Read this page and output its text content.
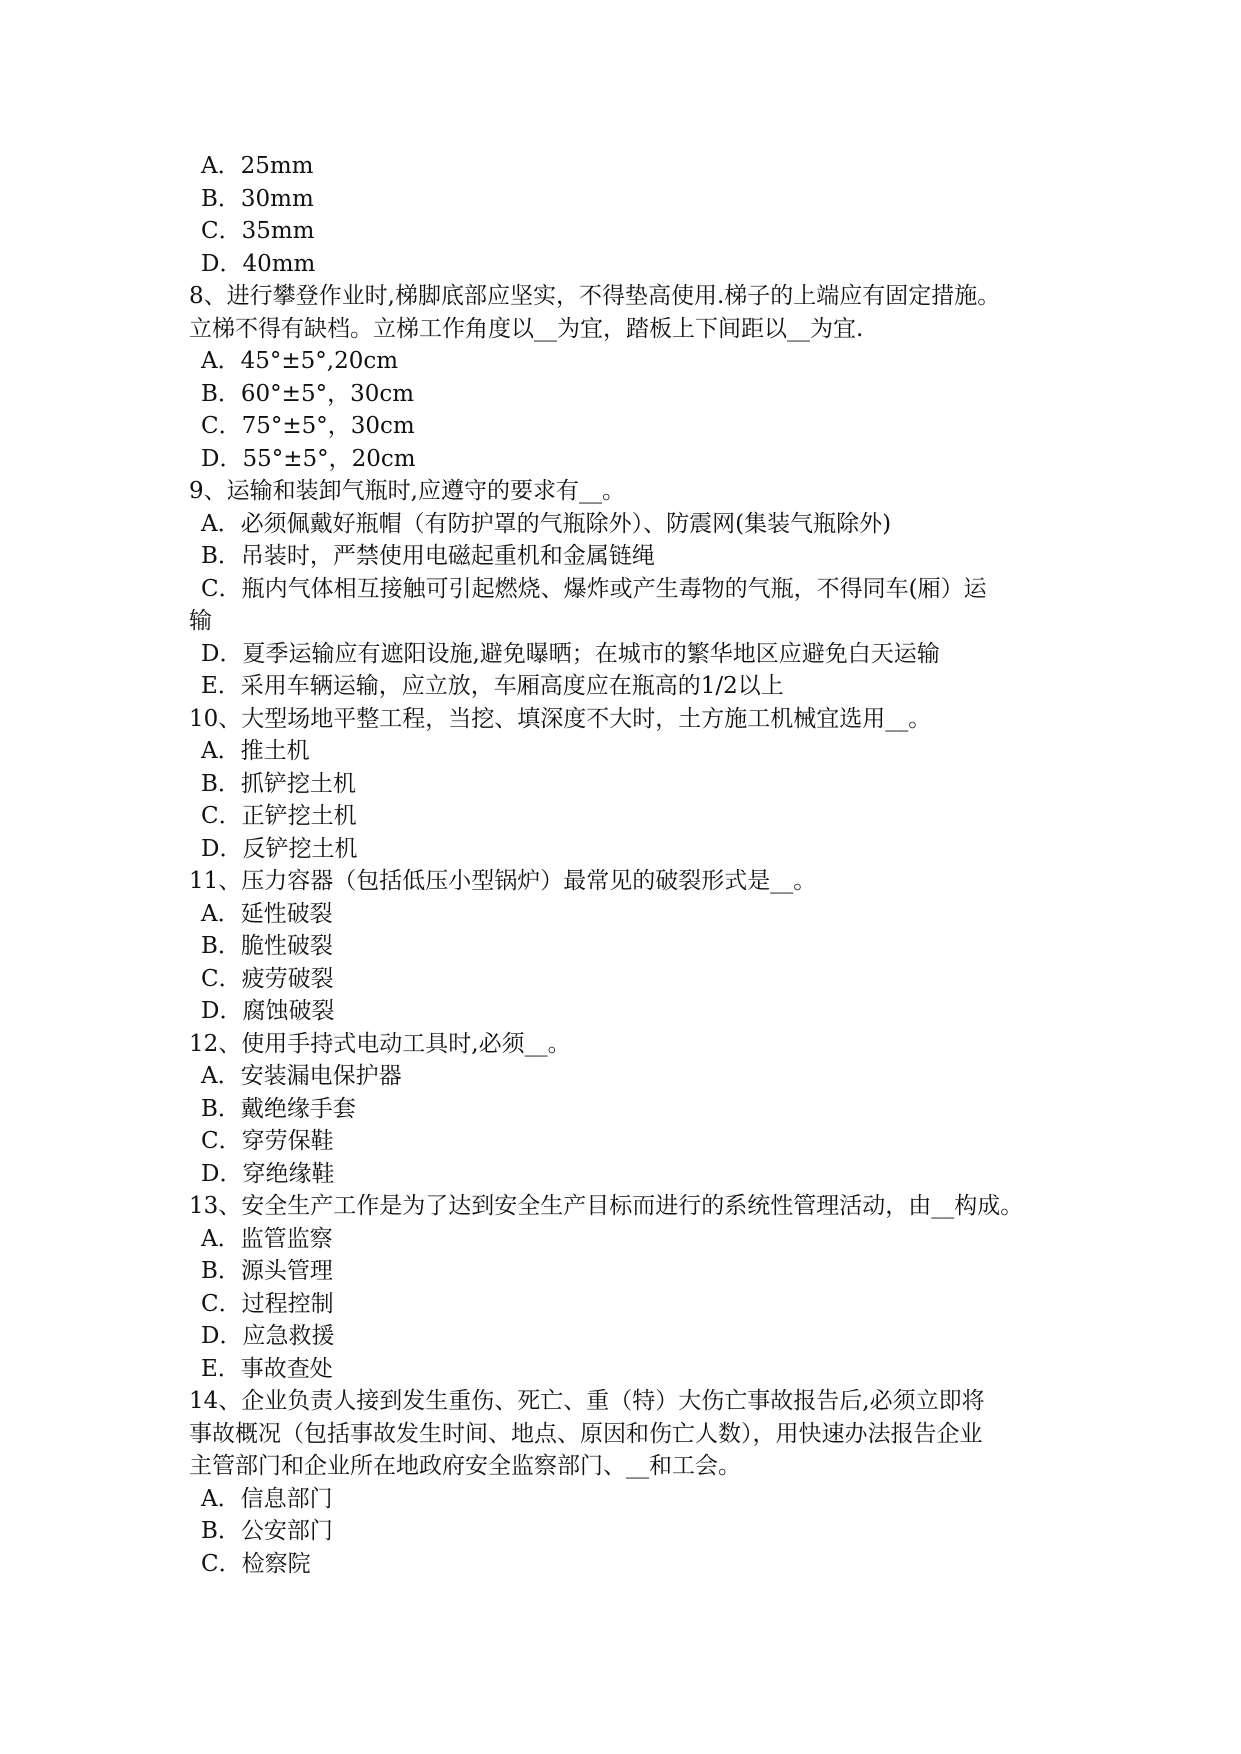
A．25mm
B．30mm
C．35mm
D．40mm
8、进行攀登作业时,梯脚底部应坚实，不得垫高使用.梯子的上端应有固定措施。
立梯不得有缺档。立梯工作角度以__为宜，踏板上下间距以__为宜.
A．45°±5°,20cm
B．60°±5°，30cm
C．75°±5°，30cm
D．55°±5°，20cm
9、运输和装卸气瓶时,应遵守的要求有__。
A．必须佩戴好瓶帽（有防护罩的气瓶除外）、防震网(集装气瓶除外)
B．吊装时，严禁使用电磁起重机和金属链绳
C．瓶内气体相互接触可引起燃烧、爆炸或产生毒物的气瓶，不得同车(厢）运
输
D．夏季运输应有遮阳设施,避免曝晒；在城市的繁华地区应避免白天运输
E．采用车辆运输，应立放，车厢高度应在瓶高的1/2以上
10、大型场地平整工程，当挖、填深度不大时，土方施工机械宜选用__。
A．推土机
B．抓铲挖土机
C．正铲挖土机
D．反铲挖土机
11、压力容器（包括低压小型锅炉）最常见的破裂形式是__。
A．延性破裂
B．脆性破裂
C．疲劳破裂
D．腐蚀破裂
12、使用手持式电动工具时,必须__。
A．安装漏电保护器
B．戴绝缘手套
C．穿劳保鞋
D．穿绝缘鞋
13、安全生产工作是为了达到安全生产目标而进行的系统性管理活动，由__构成。
A．监管监察
B．源头管理
C．过程控制
D．应急救援
E．事故查处
14、企业负责人接到发生重伤、死亡、重（特）大伤亡事故报告后,必须立即将
事故概况（包括事故发生时间、地点、原因和伤亡人数），用快速办法报告企业
主管部门和企业所在地政府安全监察部门、__和工会。
A．信息部门
B．公安部门
C．检察院
